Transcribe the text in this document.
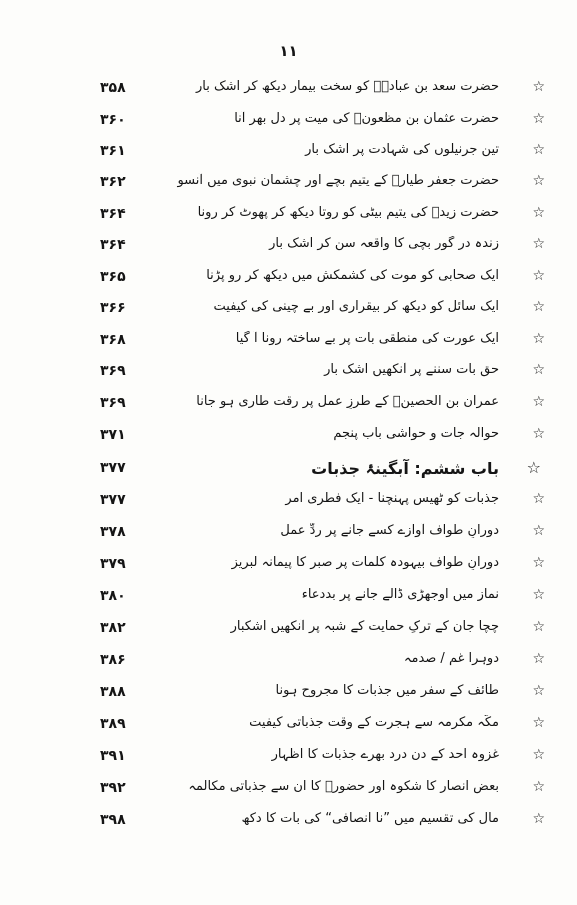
۱۱
۳۵۸	حضرت سعد بن عبادہؓ کو سخت بیمار دیکھ کر اشک بار ☆
۳۶۰	حضرت عثمان بن مظعونؓ کی میت پر دل بھر آنا ☆
۳۶۱	تین جرنیلوں کی شہادت پر اشک بار ☆
۳۶۲	حضرت جعفر طیارؓ کے یتیم بچے اور چشمان نبوی میں آنسو ☆
۳۶۴	حضرت زیدؓ کی یتیم بیٹی کو روتا دیکھ کر پھوٹ کر رونا ☆
۳۶۴	زندہ در گور بچی کا واقعہ سن کر اشک بار ☆
۳۶۵	ایک صحابی کو موت کی کشمکش میں دیکھ کر رو پڑنا ☆
۳۶۶	ایک سائل کو دیکھ کر بیقراری اور بے چینی کی کیفیت ☆
۳۶۸	ایک عورت کی منطقی بات پر بے ساختہ رونا آ گیا ☆
۳۶۹	حق بات سننے پر آنکھیں اشک بار ☆
۳۶۹	عمران بن الحصینؓ کے طرزِ عمل پر رقت طاری ہو جانا ☆
۳۷۱	حوالہ جات و حواشی باب پنجم ☆
۳۷۷	باب ششم: آبگینۂ جذبات ☆
۳۷۷	جذبات کو ٹھیس پہنچنا - ایک فطری امر ☆
۳۷۸	دورانِ طواف آوازے کسے جانے پر ردِّ عمل ☆
۳۷۹	دورانِ طواف بیہودہ کلمات پر صبر کا پیمانہ لبریز ☆
۳۸۰	نماز میں اوجھڑی ڈالے جانے پر بددعاء ☆
۳۸۲	چچا جان کے ترکِ حمایت کے شبہ پر آنکھیں اشکبار ☆
۳۸۶	دوہرا غم / صدمہ ☆
۳۸۸	طائف کے سفر میں جذبات کا مجروح ہونا ☆
۳۸۹	مکّہ مکرمہ سے ہجرت کے وقت جذباتی کیفیت ☆
۳۹۱	غزوہ احد کے دن درد بھرے جذبات کا اظہار ☆
۳۹۲	بعض انصار کا شکوہ اور حضورؐ کا ان سے جذباتی مکالمہ ☆
۳۹۸	مال کی تقسیم میں ”نا انصافی“ کی بات کا دکھ ☆
